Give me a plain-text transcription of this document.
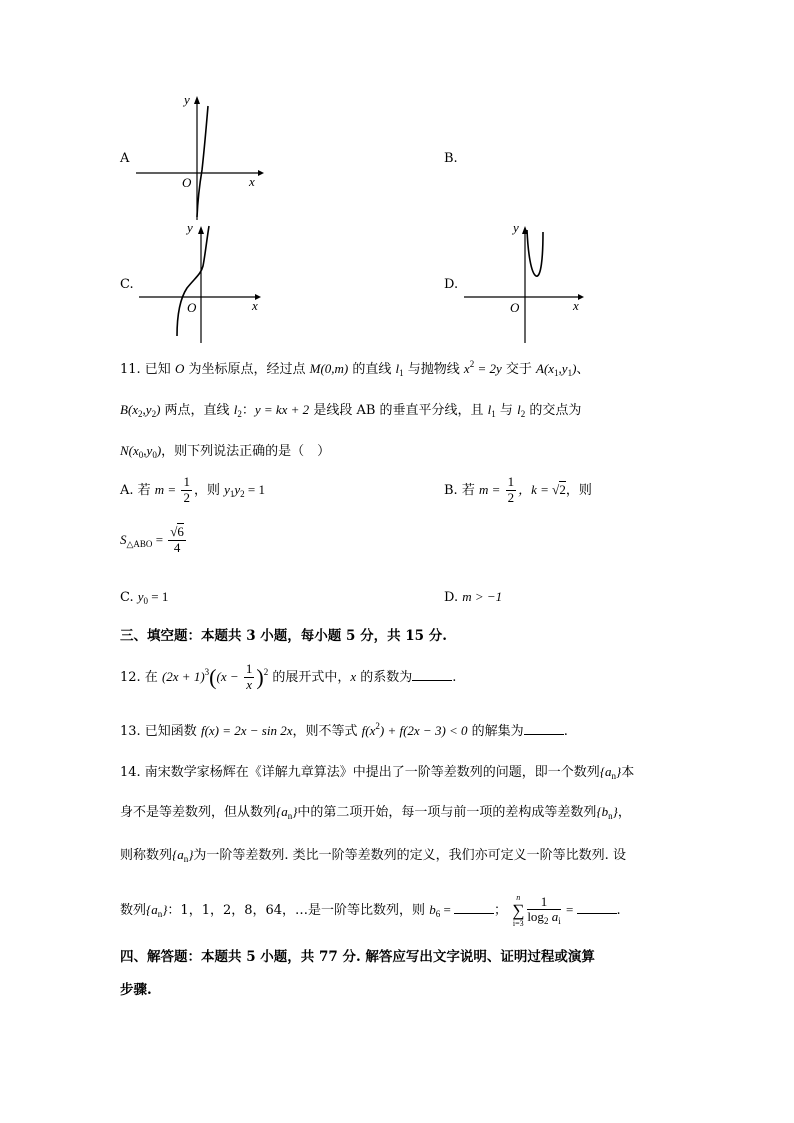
A
y
x
O
B.
C.
y
x
O
D.
y
x
O
11. 已知 O 为坐标原点，经过点 M(0,m) 的直线 $l_1$ 与抛物线 $x^2 = 2y$ 交于 $A(x_1,y_1)$、
$B(x_2,y_2)$ 两点，直线 $l_2$：y = kx + 2 是线段 AB 的垂直平分线，且 $l_1$ 与 $l_2$ 的交点为
$N(x_0,y_0)$，则下列说法正确的是（　）
A. 若 $m = \frac{1}{2}$ ，则 $y_1y_2 = 1$	B. 若 $m = \frac{1}{2}$ ，k = √2，则
$S_{\triangle ABO} = \frac{√6}{4}$
C. $y_0 = 1$	D. m > −1
三、填空题：本题共 3 小题，每小题 5 分，共 15 分.
12. 在 $(2x + 1)^3((x - \frac{1}{x} )^2$ 的展开式中，x 的系数为	.
13. 已知函数 f(x) = 2x − sin 2x，则不等式 $f(x^2) + f(2x - 3) < 0$ 的解集为	.
14. 南宋数学家杨辉在《详解九章算法》中提出了一阶等差数列的问题，即一个数列$\{a_n\}$本
身不是等差数列，但从数列$\{a_n\}$中的第二项开始，每一项与前一项的差构成等差数列$\{b_n\}$，
则称数列$\{a_n\}$为一阶等差数列. 类比一阶等差数列的定义，我们亦可定义一阶等比数列. 设
数列$\{a_n\}$：1，1，2，8，64，…是一阶等比数列，则 $b_6$ =	；
n
∑
$i=3 \frac{1}{\log_2 a_i}$ =	.
四、解答题：本题共 5 小题，共 77 分. 解答应写出文字说明、证明过程或演算
步骤.
